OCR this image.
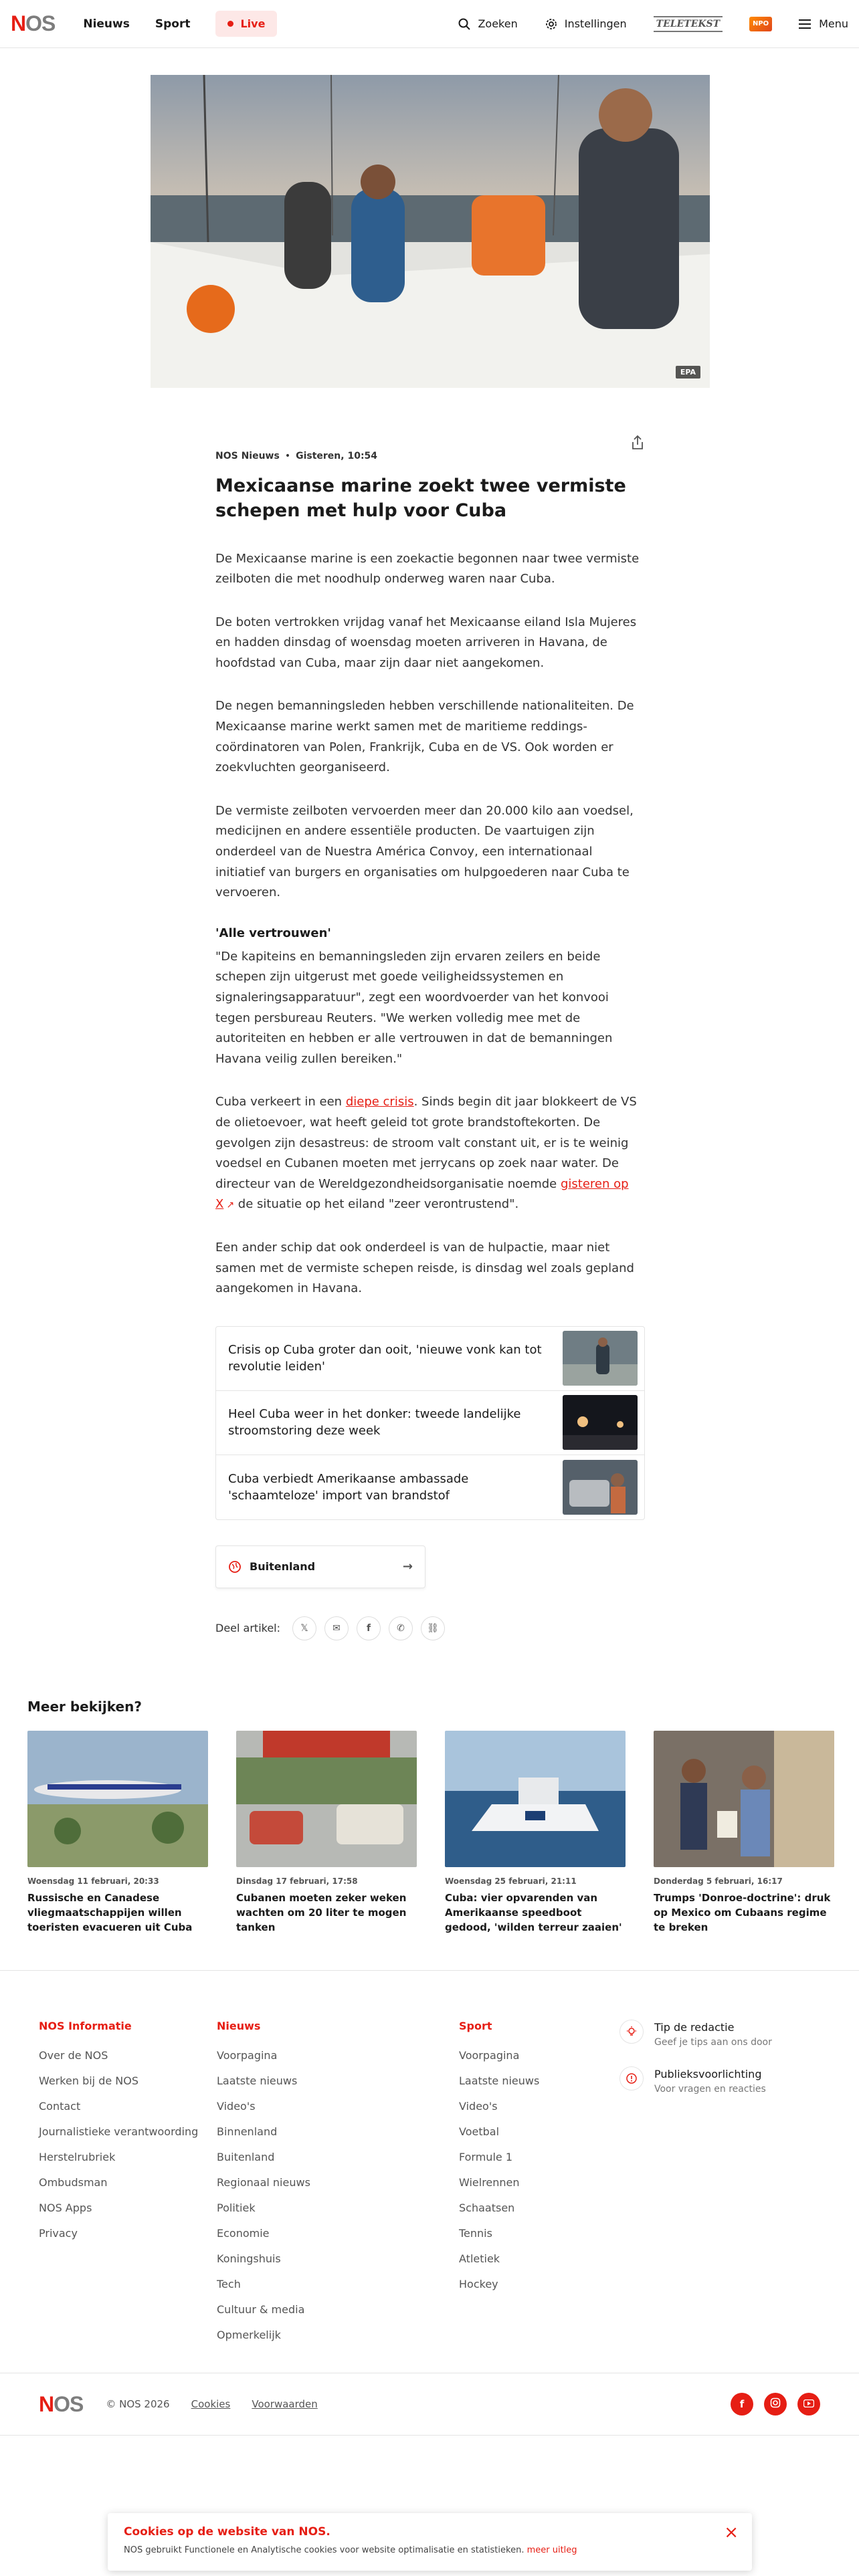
NOS Nieuws Sport	Live	Zoeken	Instellingen	TELETEKST	NPO	Menu
EPA
NOS Nieuws • Gisteren, 10:54
Mexicaanse marine zoekt twee vermiste schepen met hulp voor Cuba

De Mexicaanse marine is een zoekactie begonnen naar twee vermiste zeilboten die met noodhulp onderweg waren naar Cuba.

De boten vertrokken vrijdag vanaf het Mexicaanse eiland Isla Mujeres en hadden dinsdag of woensdag moeten arriveren in Havana, de hoofdstad van Cuba, maar zijn daar niet aangekomen.

De negen bemanningsleden hebben verschillende nationaliteiten. De Mexicaanse marine werkt samen met de maritieme reddings-coördinatoren van Polen, Frankrijk, Cuba en de VS. Ook worden er zoekvluchten georganiseerd.

De vermiste zeilboten vervoerden meer dan 20.000 kilo aan voedsel, medicijnen en andere essentiële producten. De vaartuigen zijn onderdeel van de Nuestra América Convoy, een internationaal initiatief van burgers en organisaties om hulpgoederen naar Cuba te vervoeren.

'Alle vertrouwen'

"De kapiteins en bemanningsleden zijn ervaren zeilers en beide schepen zijn uitgerust met goede veiligheidssystemen en signaleringsapparatuur", zegt een woordvoerder van het konvooi tegen persbureau Reuters. "We werken volledig mee met de autoriteiten en hebben er alle vertrouwen in dat de bemanningen Havana veilig zullen bereiken."

Cuba verkeert in een diepe crisis. Sinds begin dit jaar blokkeert de VS de olietoevoer, wat heeft geleid tot grote brandstoftekorten. De gevolgen zijn desastreus: de stroom valt constant uit, er is te weinig voedsel en Cubanen moeten met jerrycans op zoek naar water. De directeur van de Wereldgezondheidsorganisatie noemde gisteren op X ↗ de situatie op het eiland "zeer verontrustend".

Een ander schip dat ook onderdeel is van de hulpactie, maar niet samen met de vermiste schepen reisde, is dinsdag wel zoals gepland aangekomen in Havana.

Crisis op Cuba groter dan ooit, 'nieuwe vonk kan tot revolutie leiden'
Heel Cuba weer in het donker: tweede landelijke stroomstoring deze week
Cuba verbiedt Amerikaanse ambassade 'schaamteloze' import van brandstof
Buitenland	→
Deel artikel: 𝕏	✉	f	✆ ⛓
Meer bekijken?
Woensdag 11 februari, 20:33
Russische en Canadese vliegmaatschappijen willen toeristen evacueren uit Cuba
Dinsdag 17 februari, 17:58
Cubanen moeten zeker weken wachten om 20 liter te mogen tanken
Woensdag 25 februari, 21:11
Cuba: vier opvarenden van Amerikaanse speedboot gedood, 'wilden terreur zaaien'
Donderdag 5 februari, 16:17
Trumps 'Donroe-doctrine': druk op Mexico om Cubaans regime te breken
NOS Informatie
Over de NOS
Werken bij de NOS
Contact
Journalistieke verantwoording
Herstelrubriek
Ombudsman
NOS Apps
Privacy
Nieuws
Voorpagina
Laatste nieuws
Video's
Binnenland
Buitenland
Regionaal nieuws
Politiek
Economie
Koningshuis
Tech
Cultuur & media
Opmerkelijk
Sport
Voorpagina
Laatste nieuws
Video's
Voetbal
Formule 1
Wielrennen
Schaatsen
Tennis
Atletiek
Hockey
Tip de redactie
Geef je tips aan ons door
Publieksvoorlichting
Voor vragen en reacties
NOS © NOS 2026 Cookies Voorwaarden	f
Cookies op de website van NOS.
NOS gebruikt Functionele en Analytische cookies voor website optimalisatie en statistieken. meer uitleg
×
